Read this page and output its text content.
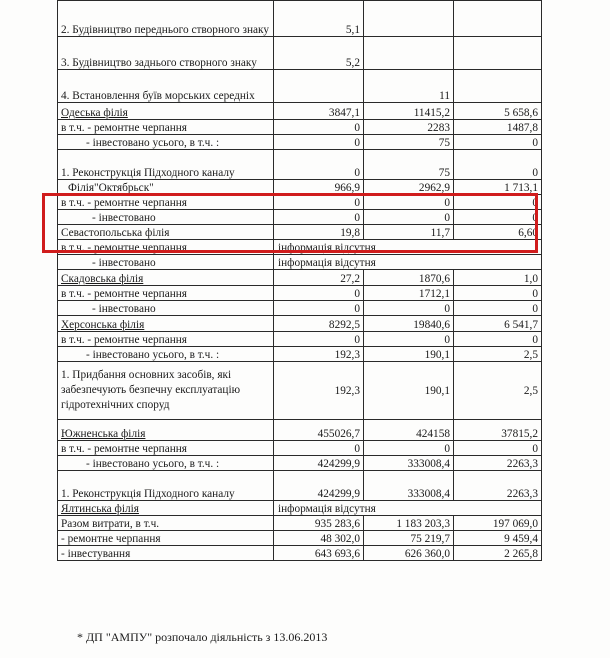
2. Будівництво переднього створного знаку	5,1		
3. Будівництво заднього створного знаку	5,2		
4. Встановлення буїв морських середніх		11	
Одеська філія	3847,1	11415,2	5 658,6
в т.ч. - ремонтне черпання	0	2283	1487,8
- інвестовано усього, в т.ч. :	0	75	0
1. Реконструкція Підходного каналу	0	75	0
Філія"Октябрьск"	966,9	2962,9	1 713,1
в т.ч. - ремонтне черпання	0	0	0
- інвестовано	0	0	0
Севастопольська філія	19,8	11,7	6,60
в т.ч. - ремонтне черпання	інформація відсутня		
- інвестовано	інформація відсутня		
Скадовська філія	27,2	1870,6	1,0
в т.ч. - ремонтне черпання	0	1712,1	0
- інвестовано	0	0	0
Херсонська філія	8292,5	19840,6	6 541,7
в т.ч. - ремонтне черпання	0	0	0
- інвестовано усього, в т.ч. :	192,3	190,1	2,5
1. Придбання основних засобів, які забезпечують безпечну експлуатацію гідротехнічних споруд	192,3	190,1	2,5
Южненська філія	455026,7	424158	37815,2
в т.ч. - ремонтне черпання	0	0	0
- інвестовано усього, в т.ч. :	424299,9	333008,4	2263,3
1. Реконструкція Підходного каналу	424299,9	333008,4	2263,3
Ялтинська філія	інформація відсутня		
Разом витрати, в т.ч.	935 283,6	1 183 203,3	197 069,0
- ремонтне черпання	48 302,0	75 219,7	9 459,4
- інвестування	643 693,6	626 360,0	2 265,8
* ДП "АМПУ" розпочало діяльність з 13.06.2013
